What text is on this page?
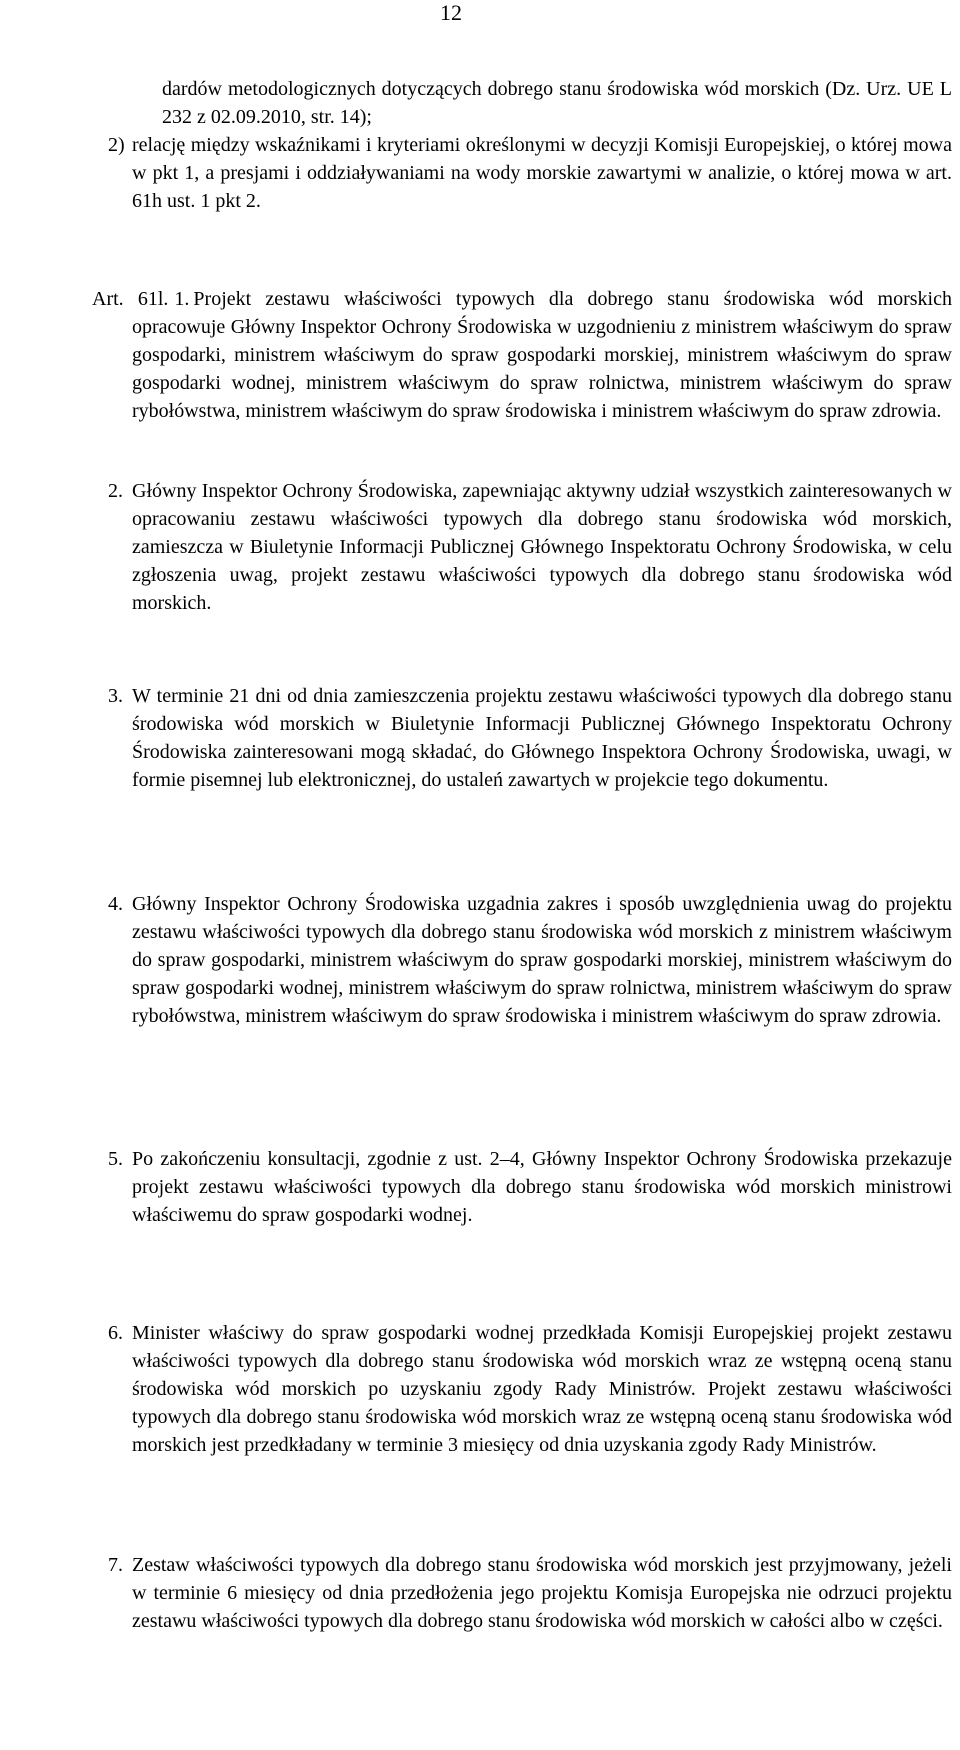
12
dardów metodologicznych dotyczących dobrego stanu środowiska wód morskich (Dz. Urz. UE L 232 z 02.09.2010, str. 14);
2) relację między wskaźnikami i kryteriami określonymi w decyzji Komisji Europejskiej, o której mowa w pkt 1, a presjami i oddziaływaniami na wody morskie zawartymi w analizie, o której mowa w art. 61h ust. 1 pkt 2.
Art. 61l. 1. Projekt zestawu właściwości typowych dla dobrego stanu środowiska wód morskich opracowuje Główny Inspektor Ochrony Środowiska w uzgodnieniu z ministrem właściwym do spraw gospodarki, ministrem właściwym do spraw gospodarki morskiej, ministrem właściwym do spraw gospodarki wodnej, ministrem właściwym do spraw rolnictwa, ministrem właściwym do spraw rybołówstwa, ministrem właściwym do spraw środowiska i ministrem właściwym do spraw zdrowia.
2. Główny Inspektor Ochrony Środowiska, zapewniając aktywny udział wszystkich zainteresowanych w opracowaniu zestawu właściwości typowych dla dobrego stanu środowiska wód morskich, zamieszcza w Biuletynie Informacji Publicznej Głównego Inspektoratu Ochrony Środowiska, w celu zgłoszenia uwag, projekt zestawu właściwości typowych dla dobrego stanu środowiska wód morskich.
3. W terminie 21 dni od dnia zamieszczenia projektu zestawu właściwości typowych dla dobrego stanu środowiska wód morskich w Biuletynie Informacji Publicznej Głównego Inspektoratu Ochrony Środowiska zainteresowani mogą składać, do Głównego Inspektora Ochrony Środowiska, uwagi, w formie pisemnej lub elektronicznej, do ustaleń zawartych w projekcie tego dokumentu.
4. Główny Inspektor Ochrony Środowiska uzgadnia zakres i sposób uwzględnienia uwag do projektu zestawu właściwości typowych dla dobrego stanu środowiska wód morskich z ministrem właściwym do spraw gospodarki, ministrem właściwym do spraw gospodarki morskiej, ministrem właściwym do spraw gospodarki wodnej, ministrem właściwym do spraw rolnictwa, ministrem właściwym do spraw rybołówstwa, ministrem właściwym do spraw środowiska i ministrem właściwym do spraw zdrowia.
5. Po zakończeniu konsultacji, zgodnie z ust. 2–4, Główny Inspektor Ochrony Środowiska przekazuje projekt zestawu właściwości typowych dla dobrego stanu środowiska wód morskich ministrowi właściwemu do spraw gospodarki wodnej.
6. Minister właściwy do spraw gospodarki wodnej przedkłada Komisji Europejskiej projekt zestawu właściwości typowych dla dobrego stanu środowiska wód morskich wraz ze wstępną oceną stanu środowiska wód morskich po uzyskaniu zgody Rady Ministrów. Projekt zestawu właściwości typowych dla dobrego stanu środowiska wód morskich wraz ze wstępną oceną stanu środowiska wód morskich jest przedkładany w terminie 3 miesięcy od dnia uzyskania zgody Rady Ministrów.
7. Zestaw właściwości typowych dla dobrego stanu środowiska wód morskich jest przyjmowany, jeżeli w terminie 6 miesięcy od dnia przedłożenia jego projektu Komisja Europejska nie odrzuci projektu zestawu właściwości typowych dla dobrego stanu środowiska wód morskich w całości albo w części.
